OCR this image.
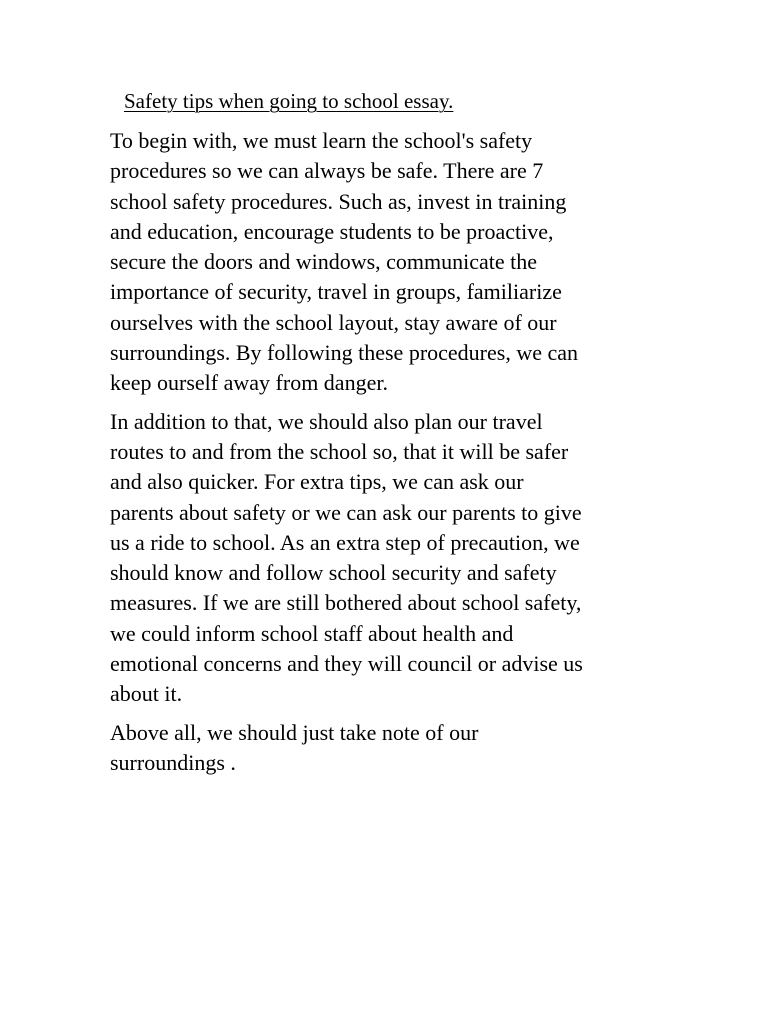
Safety tips when going to school essay.

To begin with, we must learn the school's safety
procedures so we can always be safe. There are 7
school safety procedures. Such as, invest in training
and education, encourage students to be proactive,
secure the doors and windows, communicate the
importance of security, travel in groups, familiarize
ourselves with the school layout, stay aware of our
surroundings. By following these procedures, we can
keep ourself away from danger.

In addition to that, we should also plan our travel
routes to and from the school so, that it will be safer
and also quicker. For extra tips, we can ask our
parents about safety or we can ask our parents to give
us a ride to school. As an extra step of precaution, we
should know and follow school security and safety
measures. If we are still bothered about school safety,
we could inform school staff about health and
emotional concerns and they will council or advise us
about it.

Above all, we should just take note of our
surroundings .
